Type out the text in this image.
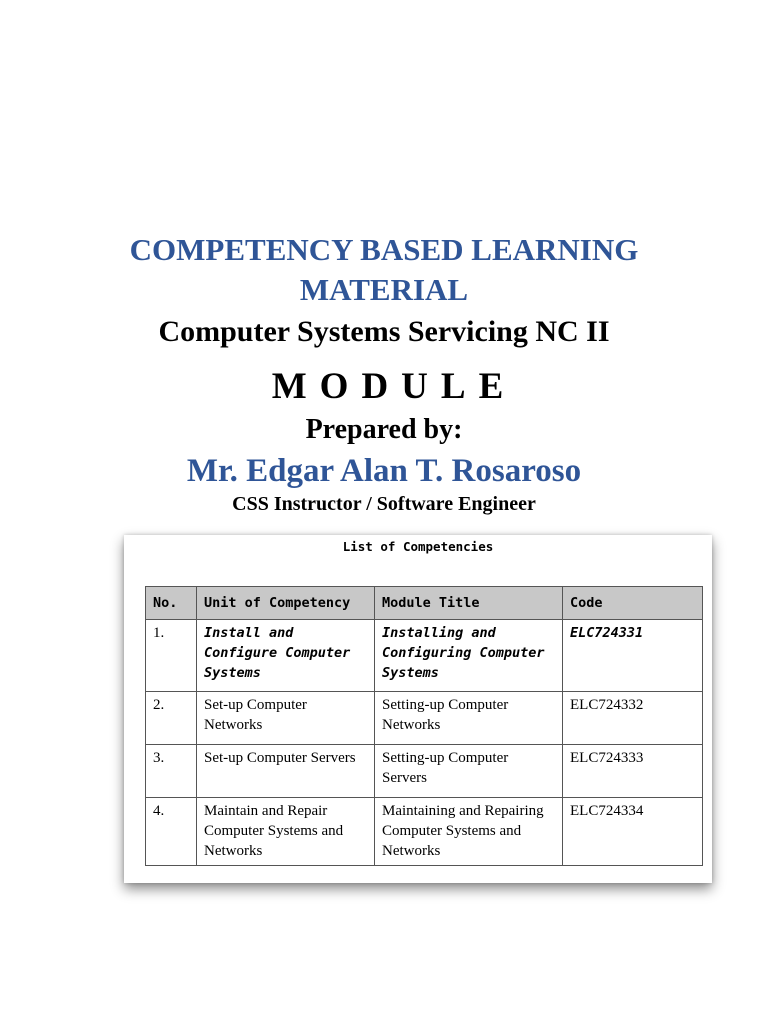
COMPETENCY BASED LEARNING
MATERIAL
Computer Systems Servicing NC II
MODULE
Prepared by:
Mr. Edgar Alan T. Rosaroso
CSS Instructor / Software Engineer
List of Competencies
No.	Unit of Competency	Module Title	Code
1.	Install and Configure Computer Systems	Installing and Configuring Computer Systems	ELC724331
2.	Set-up Computer Networks	Setting-up Computer Networks	ELC724332
3.	Set-up Computer Servers	Setting-up Computer Servers	ELC724333
4.	Maintain and Repair Computer Systems and Networks	Maintaining and Repairing Computer Systems and Networks	ELC724334
